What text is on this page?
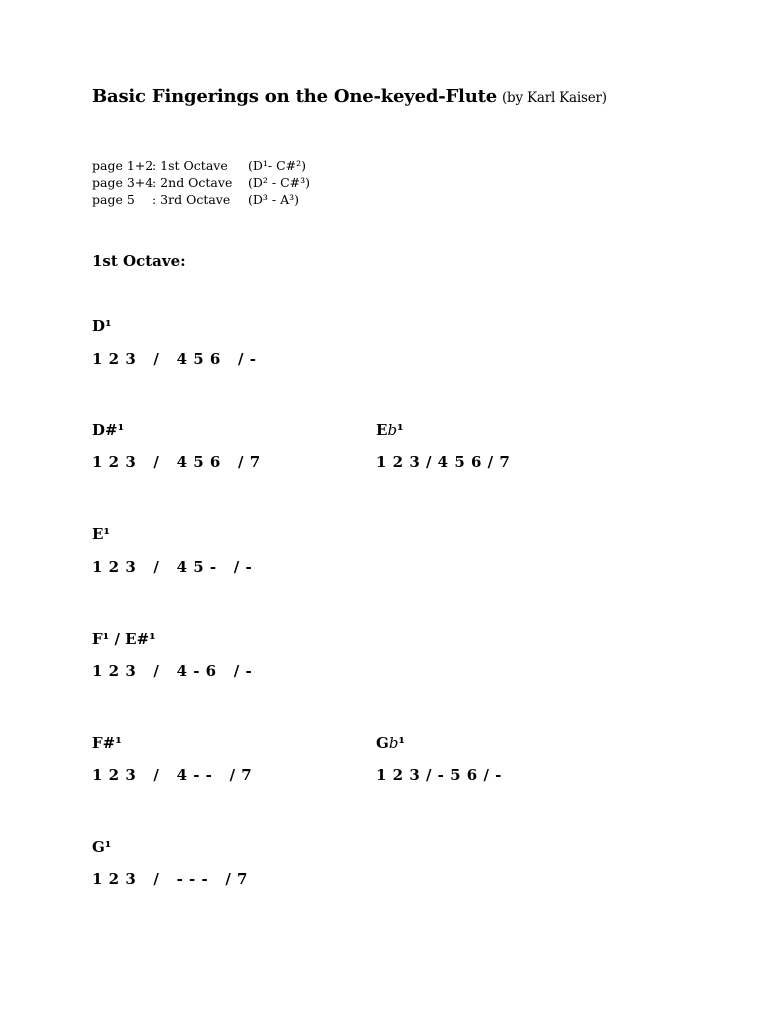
Basic Fingerings on the One-keyed-Flute (by Karl Kaiser)
page 1+2
: 1st Octave (D¹- C#²)
page 3+4
: 2nd Octave (D² - C#³)
page 5	: 3rd Octave (D³ - A³)
1st Octave:
D¹
1 2 3   /   4 5 6   / -
D#¹
1 2 3   /   4 5 6   / 7
Eb¹
1 2 3 / 4 5 6 / 7
E¹
1 2 3   /   4 5 -   / -
F¹ / E#¹
1 2 3   /   4 - 6   / -
F#¹
1 2 3   /   4 - -   / 7
Gb¹
1 2 3 / - 5 6 / -
G¹
1 2 3   /   - - -   / 7
